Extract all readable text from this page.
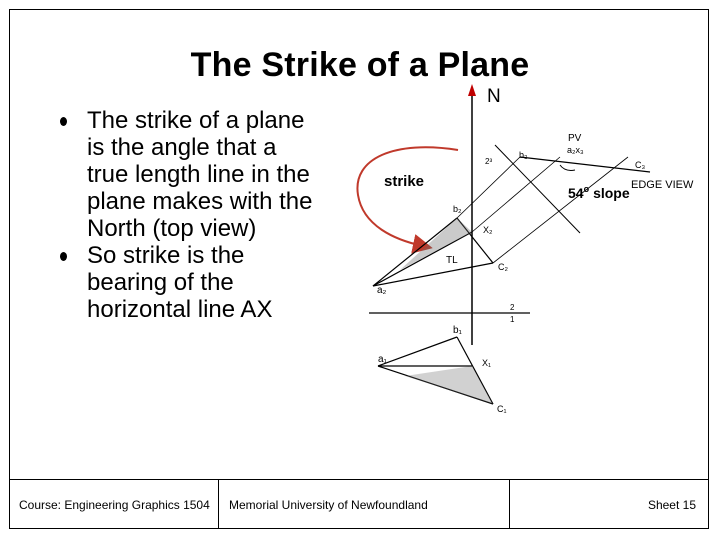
The Strike of a Plane
The strike of a plane
is the angle that a
true length line in the
plane makes with the
North (top view)
So strike is the
bearing of the
horizontal line AX
N
strike
54$^o$ slope EDGE VIEW
PV
a₂x₃
C₃
b₃
2³
b₂
X₂
TL
C₂
a₂
2
1
b₁
a₁	X₁
C₁
Course: Engineering Graphics 1504	Memorial University of Newfoundland	Sheet 15
